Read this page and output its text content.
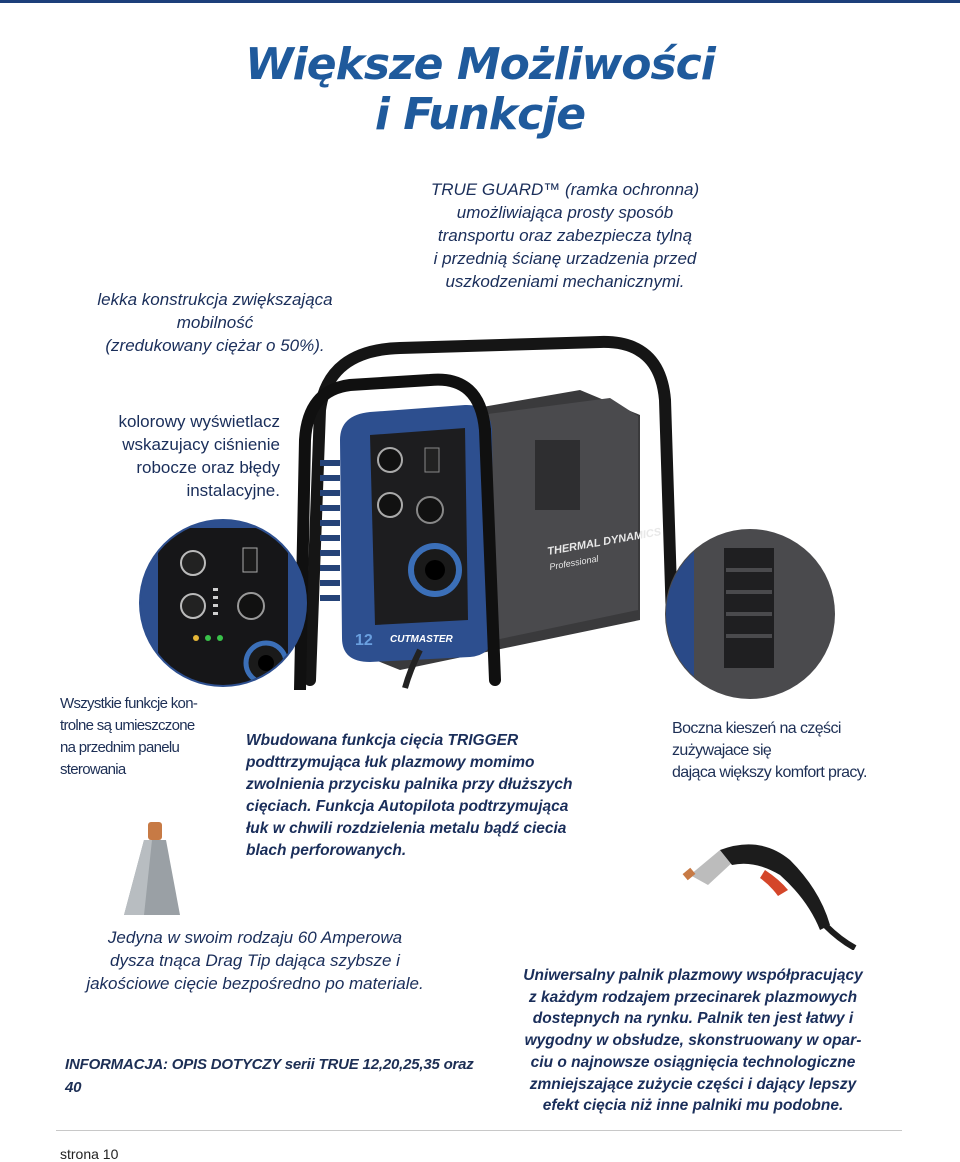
Większe Możliwości
i Funkcje
TRUE GUARD™ (ramka ochronna)
umożliwiająca prosty sposób
transportu oraz zabezpiecza tylną
i przednią ścianę urzadzenia przed
uszkodzeniami mechanicznymi.
lekka konstrukcja zwiększająca
mobilność
(zredukowany ciężar o 50%).
kolorowy wyświetlacz
wskazujacy ciśnienie
robocze oraz błędy
instalacyjne.
THERMAL DYNAMICS
Professional
CUTMASTER
12
Wszystkie funkcje kon-
trolne są umieszczone
na przednim panelu
sterowania
Wbudowana funkcja cięcia TRIGGER
podttrzymująca łuk plazmowy momimo
zwolnienia przycisku palnika przy dłuższych
cięciach. Funkcja Autopilota podtrzymująca
łuk w chwili rozdzielenia metalu bądź ciecia
blach perforowanych.
Boczna kieszeń na części
zużywajace się
dająca większy komfort pracy.
Jedyna w swoim rodzaju 60 Amperowa
dysza tnąca Drag Tip dająca szybsze i
jakościowe cięcie bezpośredno po materiale.
INFORMACJA: OPIS DOTYCZY serii TRUE 12,20,25,35 oraz 40
Uniwersalny palnik plazmowy współpracujący
z każdym rodzajem przecinarek plazmowych
dostepnych na rynku. Palnik ten jest łatwy i
wygodny w obsłudze, skonstruowany w opar-
ciu o najnowsze osiągnięcia technologiczne
zmniejszające zużycie części i dający lepszy
efekt cięcia niż inne palniki mu podobne.
strona 10
